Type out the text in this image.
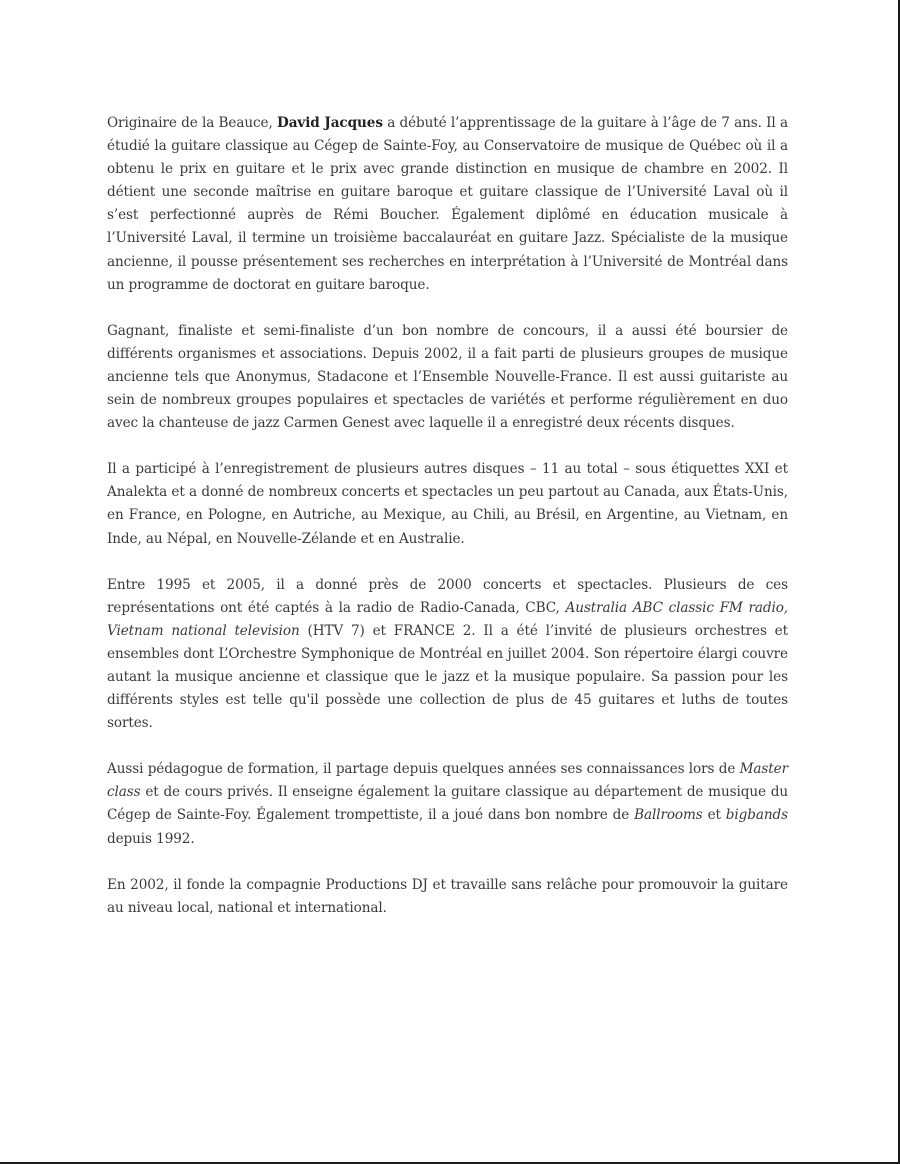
Originaire de la Beauce, David Jacques a débuté l’apprentissage de la guitare à l’âge de 7 ans. Il a étudié la guitare classique au Cégep de Sainte-Foy, au Conservatoire de musique de Québec où il a obtenu le prix en guitare et le prix avec grande distinction en musique de chambre en 2002. Il détient une seconde maîtrise en guitare baroque et guitare classique de l’Université Laval où il s’est perfectionné auprès de Rémi Boucher. Également diplômé en éducation musicale à l’Université Laval, il termine un troisième baccalauréat en guitare Jazz. Spécialiste de la musique ancienne, il pousse présentement ses recherches en interprétation à l’Université de Montréal dans un programme de doctorat en guitare baroque.

Gagnant, finaliste et semi-finaliste d’un bon nombre de concours, il a aussi été boursier de différents organismes et associations. Depuis 2002, il a fait parti de plusieurs groupes de musique ancienne tels que Anonymus, Stadacone et l’Ensemble Nouvelle-France. Il est aussi guitariste au sein de nombreux groupes populaires et spectacles de variétés et performe régulièrement en duo avec la chanteuse de jazz Carmen Genest avec laquelle il a enregistré deux récents disques.

Il a participé à l’enregistrement de plusieurs autres disques – 11 au total – sous étiquettes XXI et Analekta et a donné de nombreux concerts et spectacles un peu partout au Canada, aux États-Unis, en France, en Pologne, en Autriche, au Mexique, au Chili, au Brésil, en Argentine, au Vietnam, en Inde, au Népal, en Nouvelle-Zélande et en Australie.

Entre 1995 et 2005, il a donné près de 2000 concerts et spectacles. Plusieurs de ces représentations ont été captés à la radio de Radio-Canada, CBC, Australia ABC classic FM radio, Vietnam national television (HTV 7) et FRANCE 2. Il a été l’invité de plusieurs orchestres et ensembles dont L’Orchestre Symphonique de Montréal en juillet 2004. Son répertoire élargi couvre autant la musique ancienne et classique que le jazz et la musique populaire. Sa passion pour les différents styles est telle qu'il possède une collection de plus de 45 guitares et luths de toutes sortes.

Aussi pédagogue de formation, il partage depuis quelques années ses connaissances lors de Master class et de cours privés. Il enseigne également la guitare classique au département de musique du Cégep de Sainte-Foy. Également trompettiste, il a joué dans bon nombre de Ballrooms et bigbands depuis 1992.

En 2002, il fonde la compagnie Productions DJ et travaille sans relâche pour promouvoir la guitare au niveau local, national et international.
